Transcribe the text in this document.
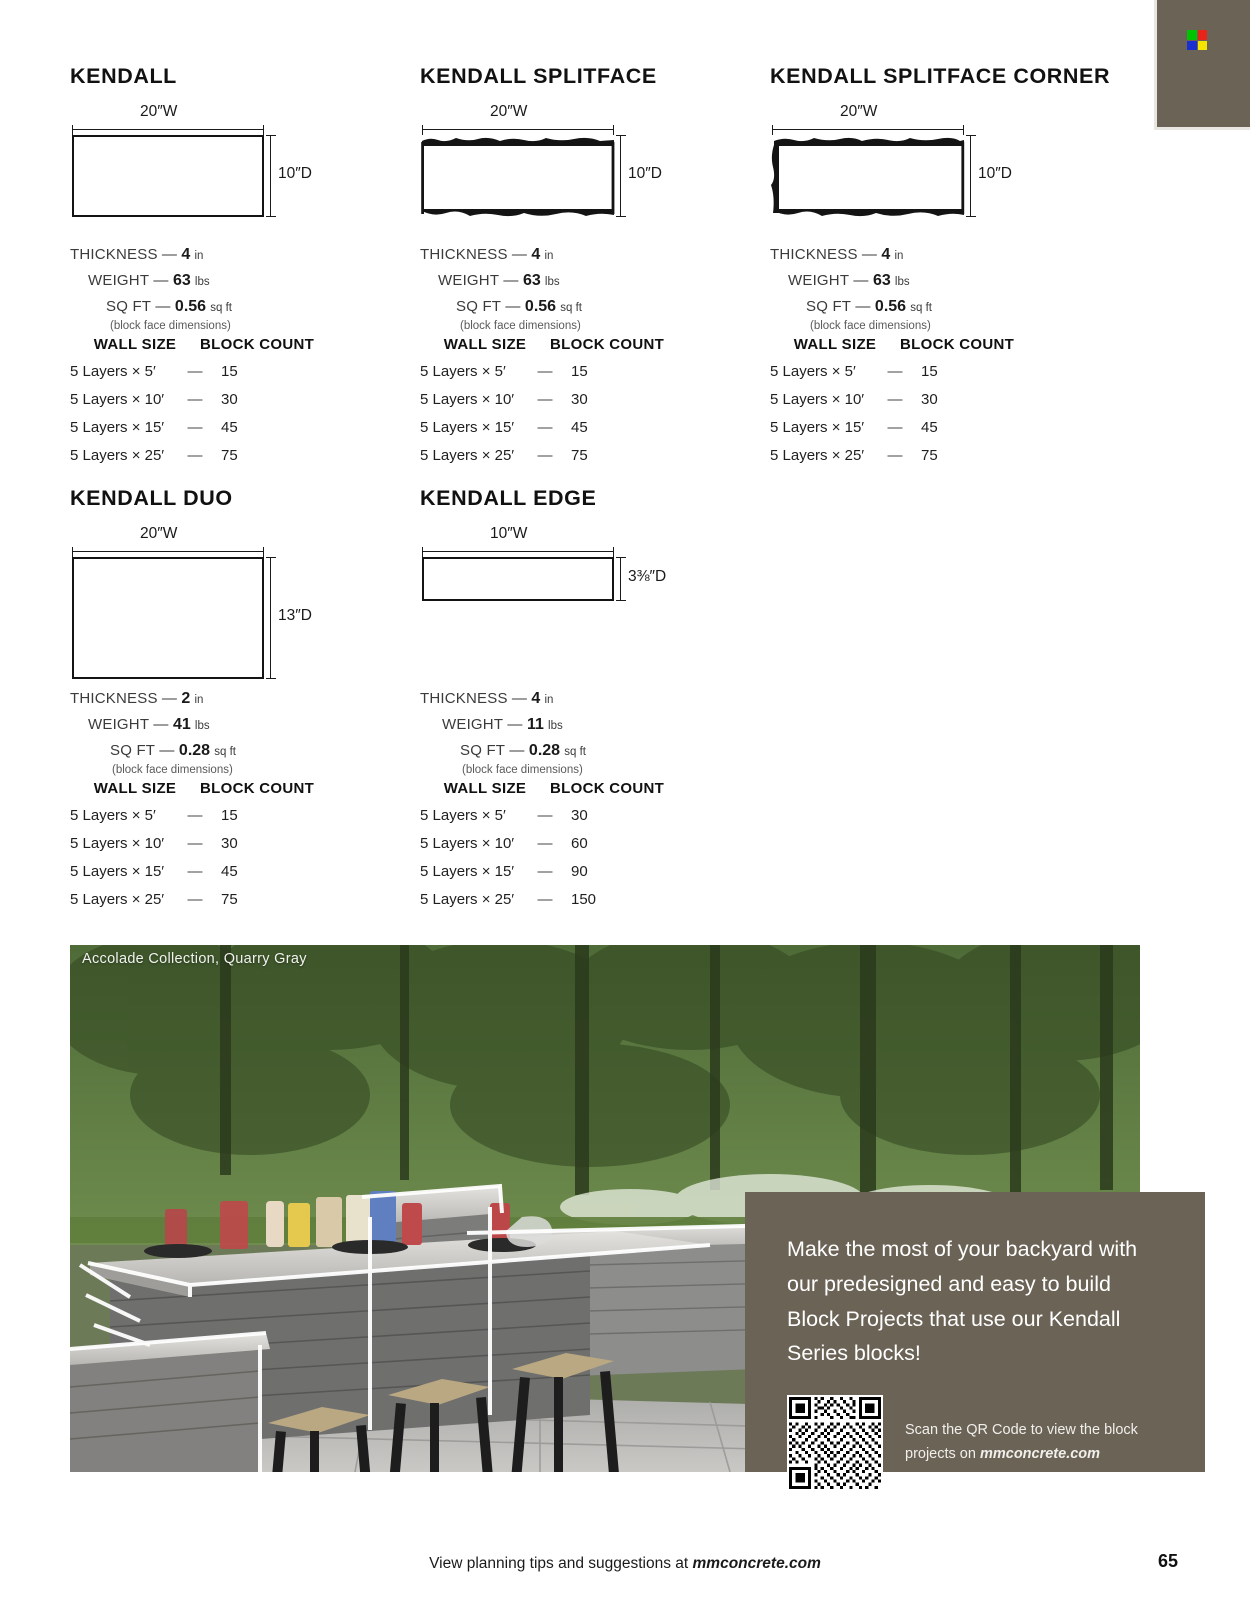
KENDALL
20″W
10″D
THICKNESS — 4 in
WEIGHT — 63 lbs
SQ FT — 0.56 sq ft
(block face dimensions)
WALL SIZE	BLOCK COUNT
5 Layers × 5′	—	15
5 Layers × 10′	—	30
5 Layers × 15′	—	45
5 Layers × 25′	—	75
KENDALL SPLITFACE
20″W
10″D
THICKNESS — 4 in
WEIGHT — 63 lbs
SQ FT — 0.56 sq ft
(block face dimensions)
WALL SIZE	BLOCK COUNT
5 Layers × 5′	—	15
5 Layers × 10′	—	30
5 Layers × 15′	—	45
5 Layers × 25′	—	75
KENDALL SPLITFACE CORNER
20″W
10″D
THICKNESS — 4 in
WEIGHT — 63 lbs
SQ FT — 0.56 sq ft
(block face dimensions)
WALL SIZE	BLOCK COUNT
5 Layers × 5′	—	15
5 Layers × 10′	—	30
5 Layers × 15′	—	45
5 Layers × 25′	—	75
KENDALL DUO
20″W
13″D
THICKNESS — 2 in
WEIGHT — 41 lbs
SQ FT — 0.28 sq ft
(block face dimensions)
WALL SIZE	BLOCK COUNT
5 Layers × 5′	—	15
5 Layers × 10′	—	30
5 Layers × 15′	—	45
5 Layers × 25′	—	75
KENDALL EDGE
10″W
3⅜″D
THICKNESS — 4 in
WEIGHT — 11 lbs
SQ FT — 0.28 sq ft
(block face dimensions)
WALL SIZE	BLOCK COUNT
5 Layers × 5′	—	30
5 Layers × 10′	—	60
5 Layers × 15′	—	90
5 Layers × 25′	—	150
Accolade Collection, Quarry Gray
Make the most of your backyard with our predesigned and easy to build Block Projects that use our Kendall Series blocks!
Scan the QR Code to view the block projects on mmconcrete.com
View planning tips and suggestions at mmconcrete.com	65
